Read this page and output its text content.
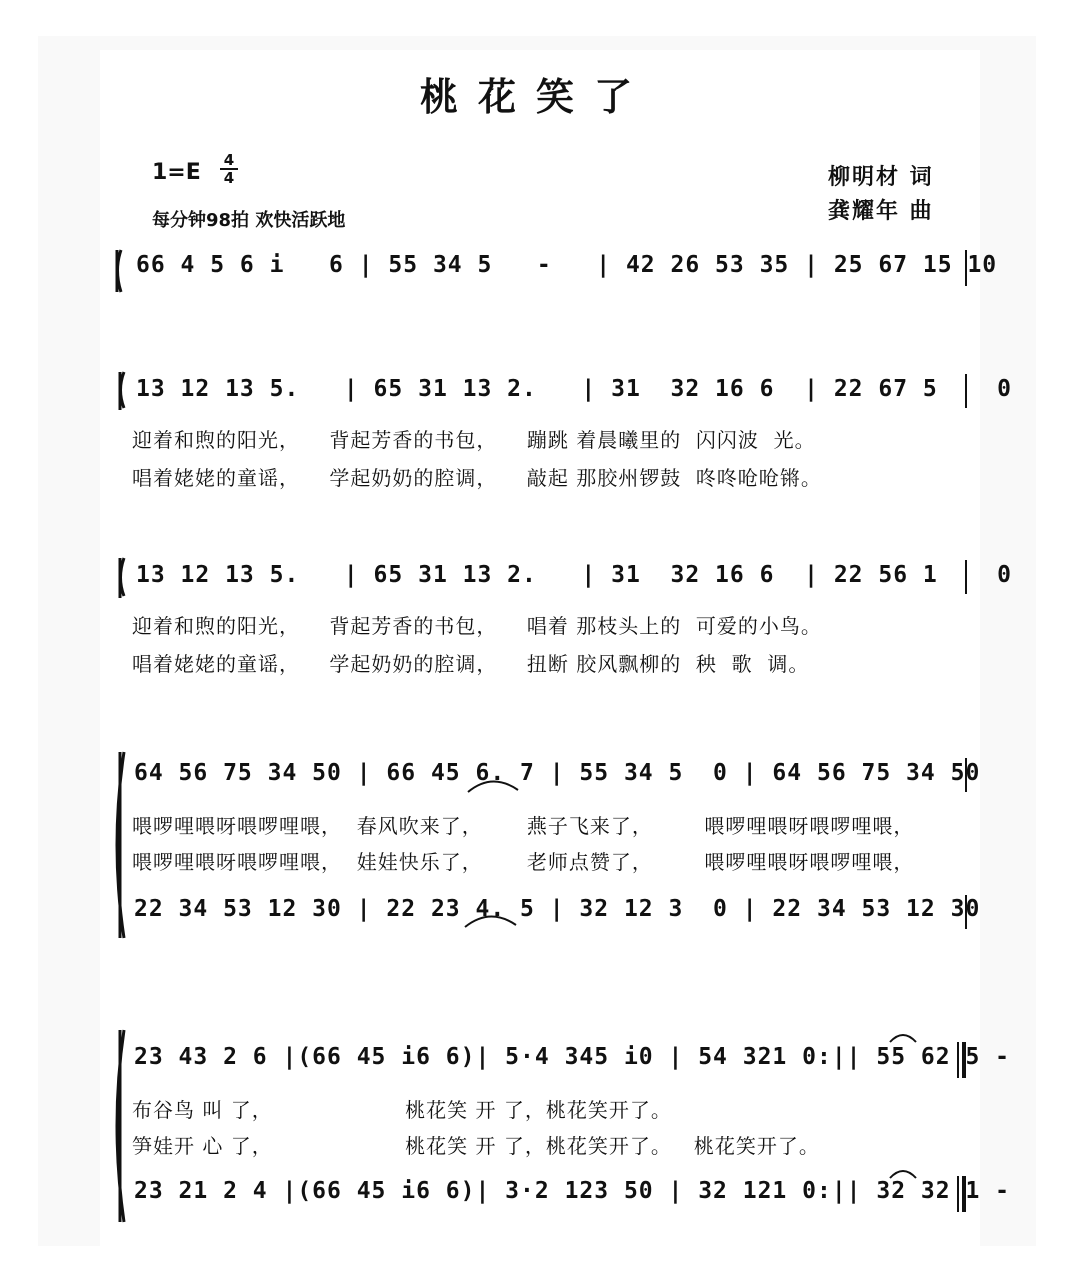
桃花笑了
1=E	4
4
每分钟98拍 欢快活跃地
柳明材 词
龚耀年 曲
66 4 5 6 i   6 | 55 34 5   -   | 42 26 53 35 | 25 67 15 10
13 12 13 5.   | 65 31 13 2.   | 31  32 16 6  | 22 67 5    0
迎着和煦的阳光，    背起芳香的书包，    蹦跳 着晨曦里的  闪闪波  光。
唱着姥姥的童谣，    学起奶奶的腔调，    敲起 那胶州锣鼓  咚咚呛呛锵。
13 12 13 5.   | 65 31 13 2.   | 31  32 16 6  | 22 56 1    0
迎着和煦的阳光，    背起芳香的书包，    唱着 那枝头上的  可爱的小鸟。
唱着姥姥的童谣，    学起奶奶的腔调，    扭断 胶风飘柳的  秧  歌  调。
64 56 75 34 50 | 66 45 6. 7 | 55 34 5  0 | 64 56 75 34 50
喂啰哩喂呀喂啰哩喂，  春风吹来了，      燕子飞来了，       喂啰哩喂呀喂啰哩喂，
喂啰哩喂呀喂啰哩喂，  娃娃快乐了，      老师点赞了，       喂啰哩喂呀喂啰哩喂，
22 34 53 12 30 | 22 23 4. 5 | 32 12 3  0 | 22 34 53 12 30
23 43 2 6 |(66 45 i6 6)| 5·4 345 i0 | 54 321 0:|| 55 62 5 -
布谷鸟 叫 了，                  桃花笑 开 了，桃花笑开了。
笋娃开 心 了，                  桃花笑 开 了，桃花笑开了。   桃花笑开了。
23 21 2 4 |(66 45 i6 6)| 3·2 123 50 | 32 121 0:|| 32 32 1 -
